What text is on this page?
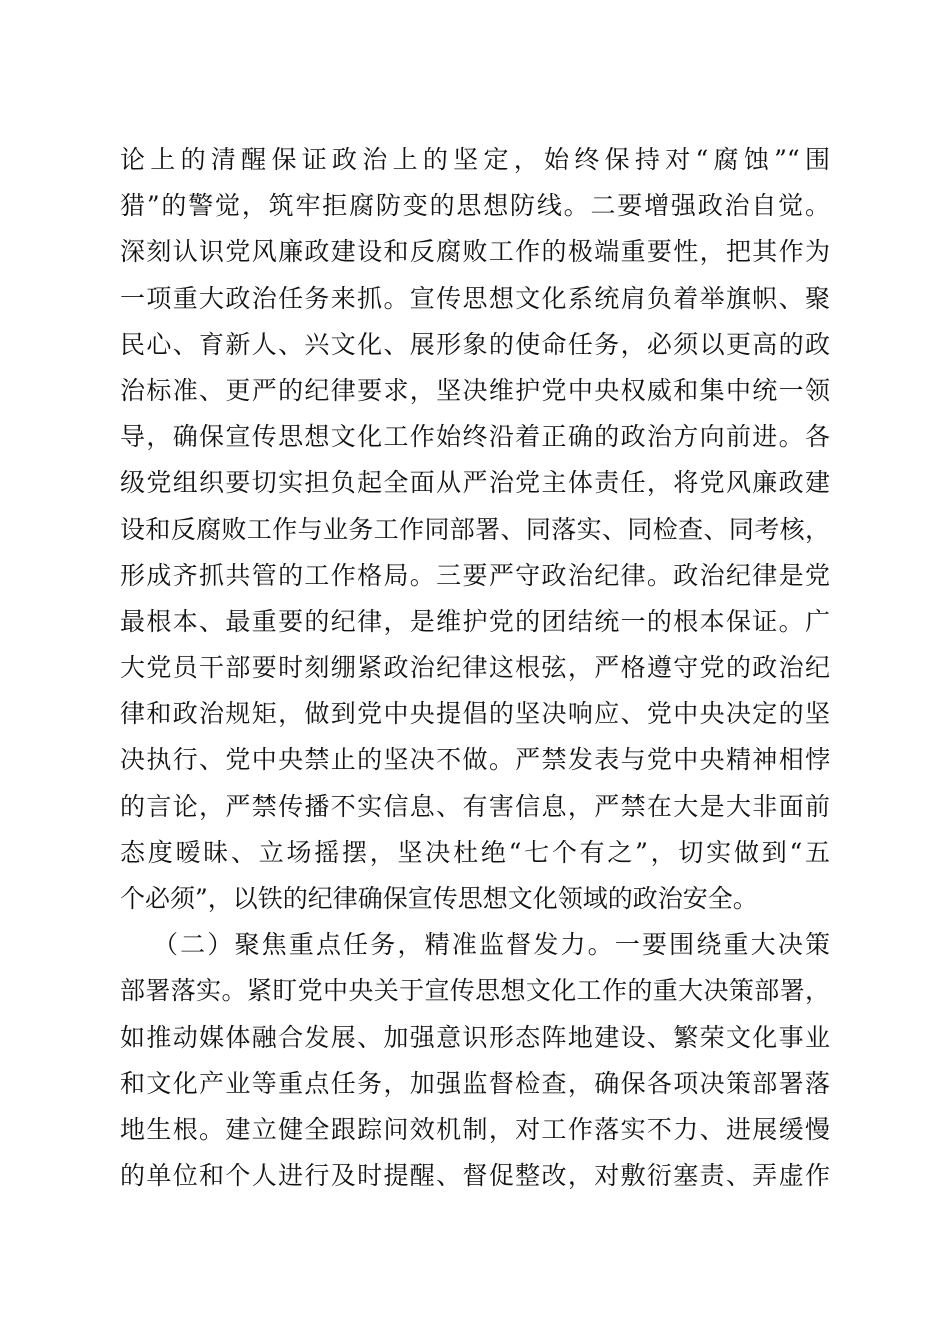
论上的清醒保证政治上的坚定，始终保持对“腐蚀”“围
猎”的警觉，筑牢拒腐防变的思想防线。二要增强政治自觉。
深刻认识党风廉政建设和反腐败工作的极端重要性，把其作为
一项重大政治任务来抓。宣传思想文化系统肩负着举旗帜、聚
民心、育新人、兴文化、展形象的使命任务，必须以更高的政
治标准、更严的纪律要求，坚决维护党中央权威和集中统一领
导，确保宣传思想文化工作始终沿着正确的政治方向前进。各
级党组织要切实担负起全面从严治党主体责任，将党风廉政建
设和反腐败工作与业务工作同部署、同落实、同检查、同考核，
形成齐抓共管的工作格局。三要严守政治纪律。政治纪律是党
最根本、最重要的纪律，是维护党的团结统一的根本保证。广
大党员干部要时刻绷紧政治纪律这根弦，严格遵守党的政治纪
律和政治规矩，做到党中央提倡的坚决响应、党中央决定的坚
决执行、党中央禁止的坚决不做。严禁发表与党中央精神相悖
的言论，严禁传播不实信息、有害信息，严禁在大是大非面前
态度暧昧、立场摇摆，坚决杜绝“七个有之”，切实做到“五
个必须”，以铁的纪律确保宣传思想文化领域的政治安全。
（二）聚焦重点任务，精准监督发力。一要围绕重大决策
部署落实。紧盯党中央关于宣传思想文化工作的重大决策部署，
如推动媒体融合发展、加强意识形态阵地建设、繁荣文化事业
和文化产业等重点任务，加强监督检查，确保各项决策部署落
地生根。建立健全跟踪问效机制，对工作落实不力、进展缓慢
的单位和个人进行及时提醒、督促整改，对敷衍塞责、弄虚作
